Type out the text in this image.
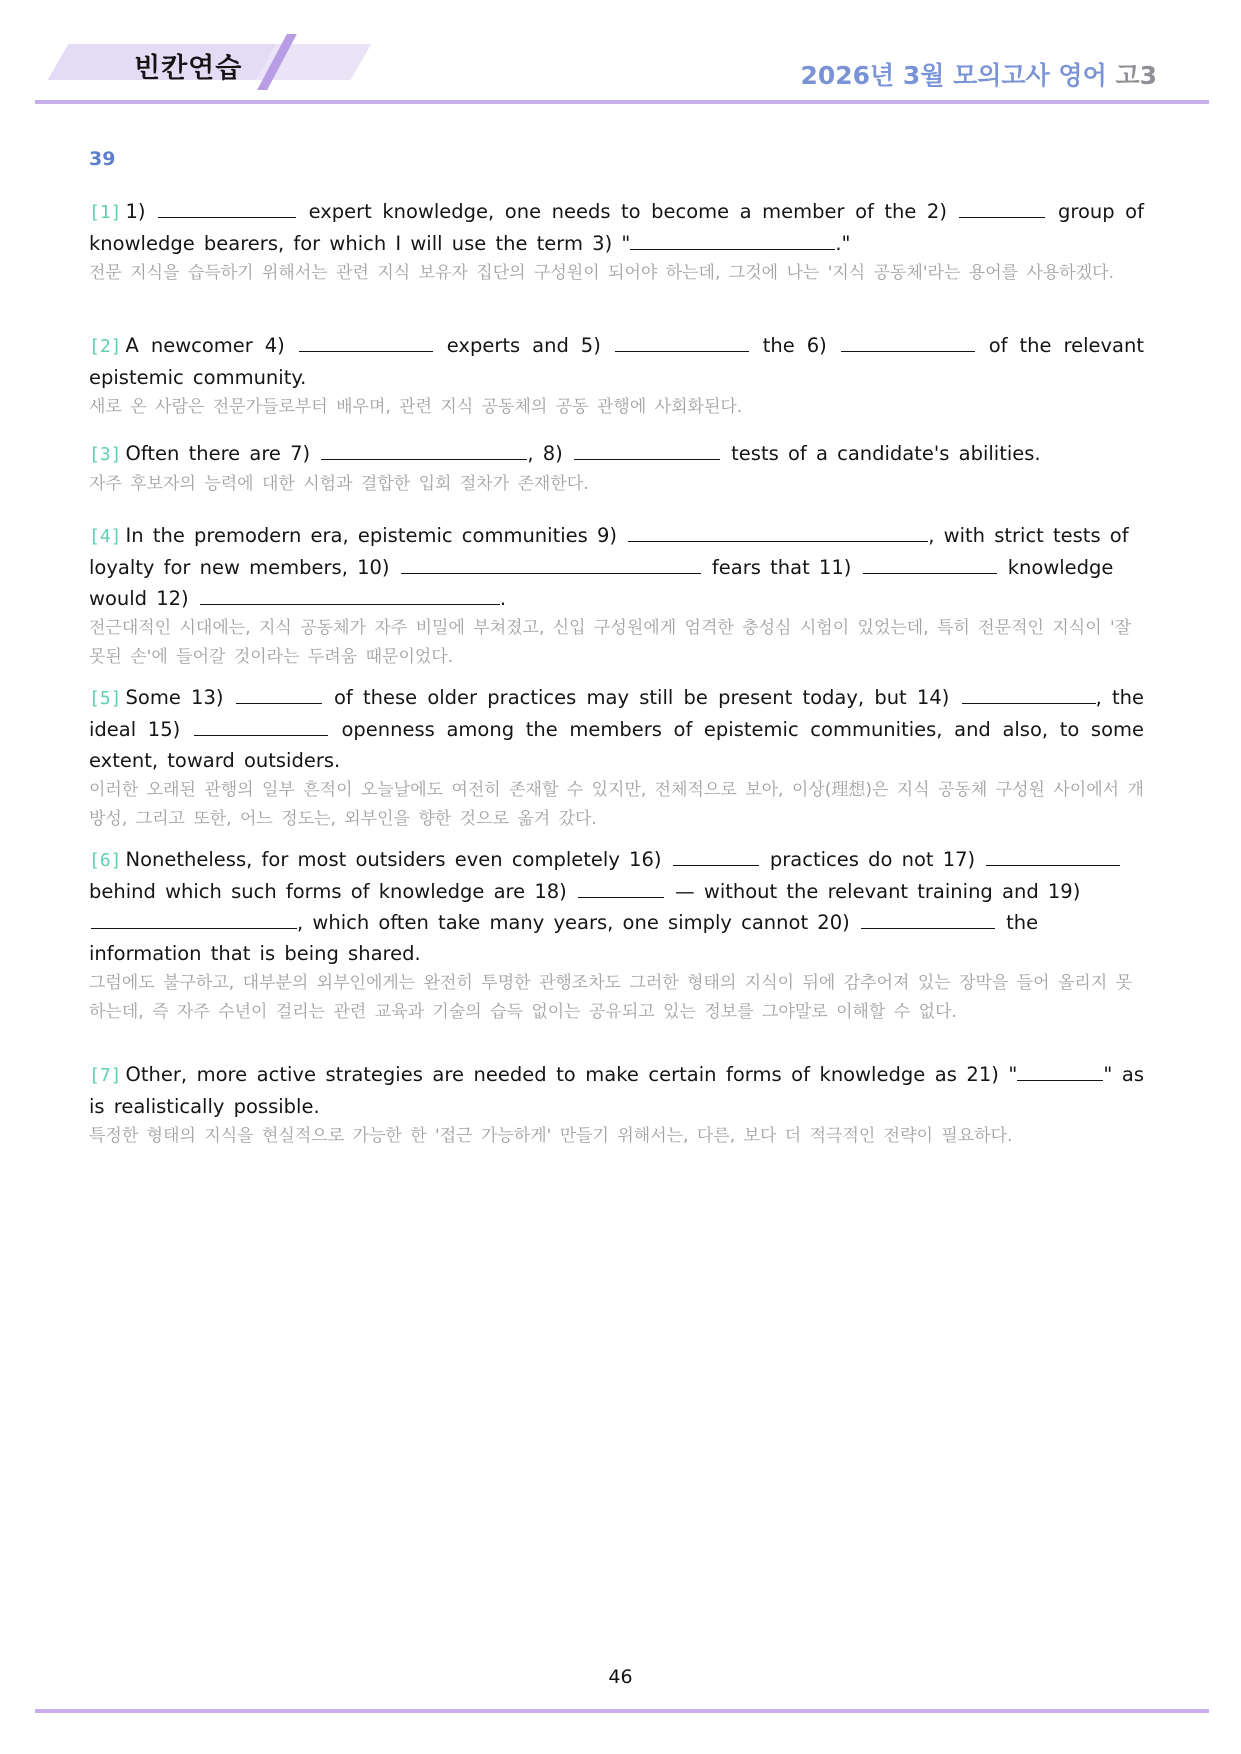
빈칸연습	2026년 3월 모의고사 영어 고3
39
[1] 1)	expert knowledge, one needs to become a member of the 2)	group of knowledge bearers, for which I will use the term 3) "	."
전문 지식을 습득하기 위해서는 관련 지식 보유자 집단의 구성원이 되어야 하는데, 그것에 나는 '지식 공동체'라는 용어를 사용하겠다.
[2] A newcomer 4)	experts and 5)	the 6)	of the relevant epistemic community.
새로 온 사람은 전문가들로부터 배우며, 관련 지식 공동체의 공동 관행에 사회화된다.
[3] Often there are 7)	, 8)	tests of a candidate's abilities.
자주 후보자의 능력에 대한 시험과 결합한 입회 절차가 존재한다.
[4] In the premodern era, epistemic communities 9)	, with strict tests of loyalty for new members, 10)	fears that 11)	knowledge would 12)	.
전근대적인 시대에는, 지식 공동체가 자주 비밀에 부쳐졌고, 신입 구성원에게 엄격한 충성심 시험이 있었는데, 특히 전문적인 지식이 '잘못된 손'에 들어갈 것이라는 두려움 때문이었다.
[5] Some 13)	of these older practices may still be present today, but 14)	, the ideal 15)	openness among the members of epistemic communities, and also, to some extent, toward outsiders.
이러한 오래된 관행의 일부 흔적이 오늘날에도 여전히 존재할 수 있지만, 전체적으로 보아, 이상(理想)은 지식 공동체 구성원 사이에서 개방성, 그리고 또한, 어느 정도는, 외부인을 향한 것으로 옮겨 갔다.
[6] Nonetheless, for most outsiders even completely 16)	practices do not 17)  behind which such forms of knowledge are 18)	— without the relevant training and 19) , which often take many years, one simply cannot 20)	the information that is being shared.
그럼에도 불구하고, 대부분의 외부인에게는 완전히 투명한 관행조차도 그러한 형태의 지식이 뒤에 감추어져 있는 장막을 들어 올리지 못하는데, 즉 자주 수년이 걸리는 관련 교육과 기술의 습득 없이는 공유되고 있는 정보를 그야말로 이해할 수 없다.
[7] Other, more active strategies are needed to make certain forms of knowledge as 21) "	" as is realistically possible.
특정한 형태의 지식을 현실적으로 가능한 한 '접근 가능하게' 만들기 위해서는, 다른, 보다 더 적극적인 전략이 필요하다.
46
